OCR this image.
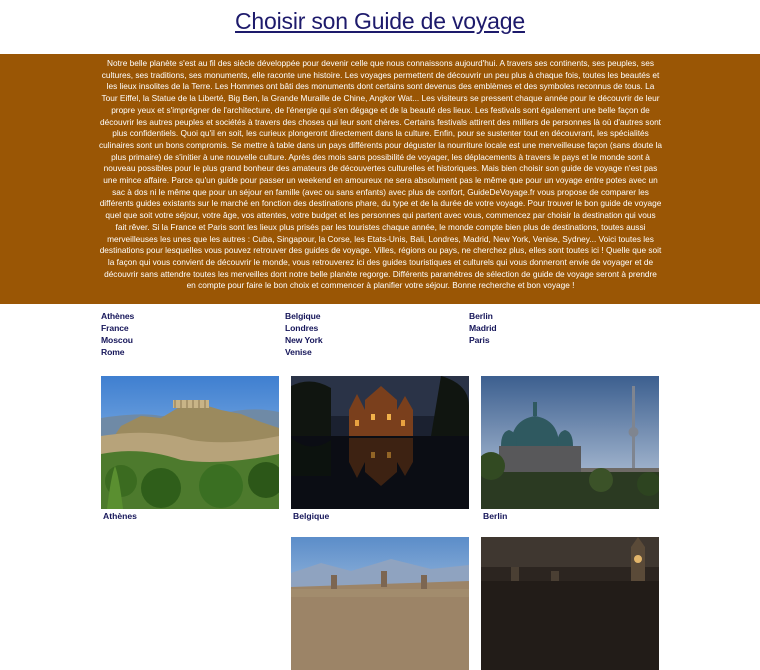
Choisir son Guide de voyage
Notre belle planète s'est au fil des siècle développée pour devenir celle que nous connaissons aujourd'hui. A travers ses continents, ses peuples, ses cultures, ses traditions, ses monuments, elle raconte une histoire. Les voyages permettent de découvrir un peu plus à chaque fois, toutes les beautés et les lieux insolites de la Terre. Les Hommes ont bâti des monuments dont certains sont devenus des emblèmes et des symboles reconnus de tous. La Tour Eiffel, la Statue de la Liberté, Big Ben, la Grande Muraille de Chine, Angkor Wat... Les visiteurs se pressent chaque année pour le découvrir de leur propre yeux et s'imprégner de l'architecture, de l'énergie qui s'en dégage et de la beauté des lieux. Les festivals sont également une belle façon de découvrir les autres peuples et sociétés à travers des choses qui leur sont chères. Certains festivals attirent des milliers de personnes là où d'autres sont plus confidentiels. Quoi qu'il en soit, les curieux plongeront directement dans la culture. Enfin, pour se sustenter tout en découvrant, les spécialités culinaires sont un bons compromis. Se mettre à table dans un pays différents pour déguster la nourriture locale est une merveilleuse façon (sans doute la plus primaire) de s'initier à une nouvelle culture. Après des mois sans possibilité de voyager, les déplacements à travers le pays et le monde sont à nouveau possibles pour le plus grand bonheur des amateurs de découvertes culturelles et historiques. Mais bien choisir son guide de voyage n'est pas une mince affaire. Parce qu'un guide pour passer un weekend en amoureux ne sera absolument pas le même que pour un voyage entre potes avec un sac à dos ni le même que pour un séjour en famille (avec ou sans enfants) avec plus de confort, GuideDeVoyage.fr vous propose de comparer les différents guides existants sur le marché en fonction des destinations phare, du type et de la durée de votre voyage. Pour trouver le bon guide de voyage quel que soit votre séjour, votre âge, vos attentes, votre budget et les personnes qui partent avec vous, commencez par choisir la destination qui vous fait rêver. Si la France et Paris sont les lieux plus prisés par les touristes chaque année, le monde compte bien plus de destinations, toutes aussi merveilleuses les unes que les autres : Cuba, Singapour, la Corse, les Etats-Unis, Bali, Londres, Madrid, New York, Venise, Sydney... Voici toutes les destinations pour lesquelles vous pouvez retrouver des guides de voyage. Villes, régions ou pays, ne cherchez plus, elles sont toutes ici ! Quelle que soit la façon qui vous convient de découvrir le monde, vous retrouverez ici des guides touristiques et culturels qui vous donneront envie de voyager et de découvrir sans attendre toutes les merveilles dont notre belle planète regorge. Différents paramètres de sélection de guide de voyage seront à prendre en compte pour faire le bon choix et commencer à planifier votre séjour. Bonne recherche et bon voyage !
Athènes
France
Moscou
Rome
Belgique
Londres
New York
Venise
Berlin
Madrid
Paris
Athènes	Belgique	Berlin
